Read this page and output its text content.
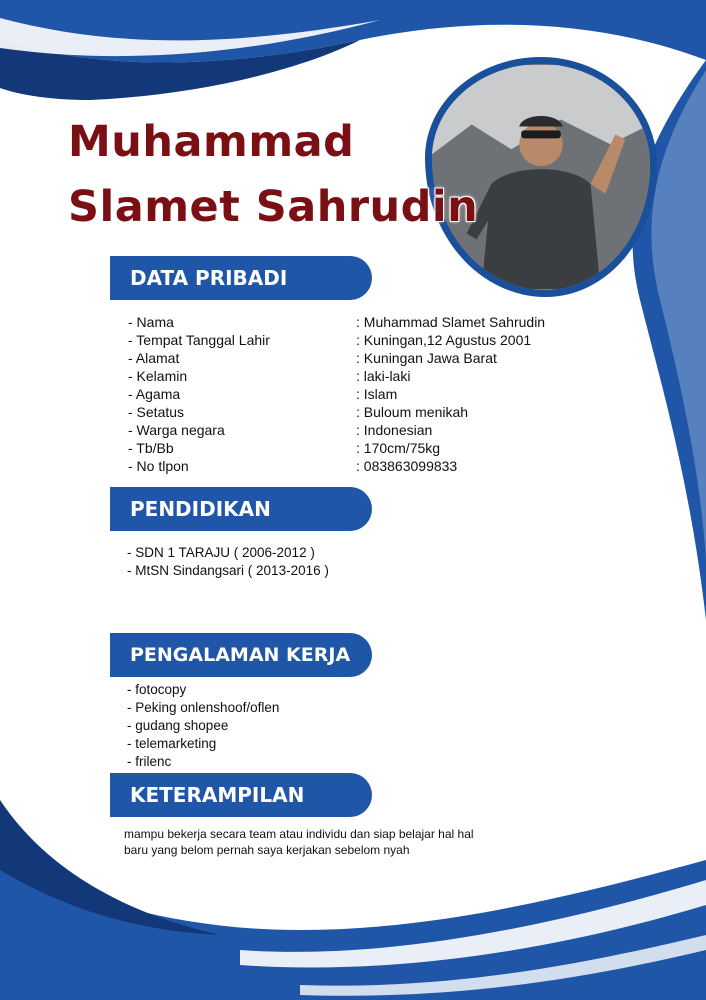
Muhammad
Slamet Sahrudin
DATA PRIBADI
- Nama	: Muhammad Slamet Sahrudin
- Tempat Tanggal Lahir	: Kuningan,12 Agustus 2001
- Alamat	: Kuningan Jawa Barat
- Kelamin	: laki-laki
- Agama	: Islam
- Setatus	: Buloum menikah
- Warga negara	: Indonesian
- Tb/Bb	: 170cm/75kg
- No tlpon	: 083863099833
PENDIDIKAN
- SDN 1 TARAJU ( 2006-2012 )
- MtSN Sindangsari ( 2013-2016 )
PENGALAMAN KERJA
- fotocopy
- Peking onlenshoof/oflen
- gudang shopee
- telemarketing
- frilenc
KETERAMPILAN

mampu bekerja secara team atau individu dan siap belajar hal hal baru yang belom pernah saya kerjakan sebelom nyah
